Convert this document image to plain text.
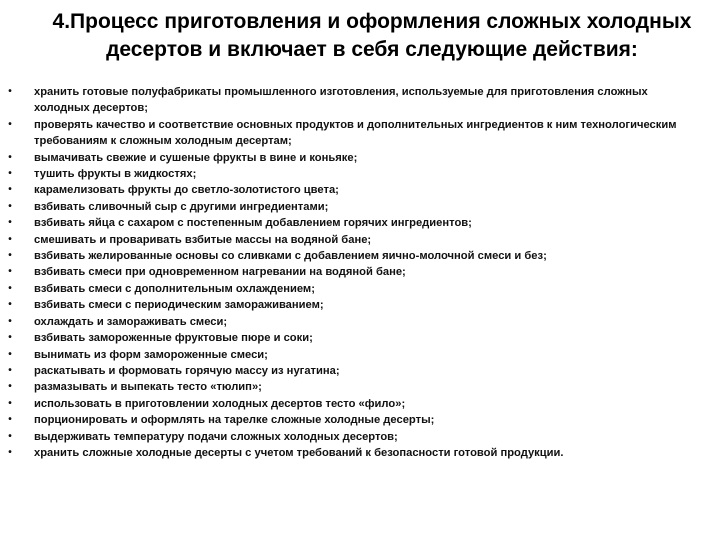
4.Процесс приготовления и оформления сложных холодных десертов и включает в себя следующие действия:
•	хранить готовые полуфабрикаты промышленного изготовления, используемые для приготовления сложных холодных десертов;
•	проверять качество и соответствие основных продуктов и дополнительных ингредиентов к ним технологическим требованиям к сложным холодным десертам;
•	вымачивать свежие и сушеные фрукты в вине и коньяке;
•	тушить фрукты в жидкостях;
•	карамелизовать фрукты до светло-золотистого цвета;
•	взбивать сливочный сыр с другими ингредиентами;
•	взбивать яйца с сахаром с постепенным добавлением горячих ингредиентов;
•	смешивать и проваривать взбитые массы на водяной бане;
•	взбивать желированные основы со сливками с добавлением яично-молочной смеси и без;
•	взбивать смеси при одновременном нагревании на водяной бане;
•	взбивать смеси с дополнительным охлаждением;
•	взбивать смеси с периодическим замораживанием;
•	охлаждать и замораживать смеси;
•	взбивать замороженные фруктовые пюре и соки;
•	вынимать из форм замороженные смеси;
•	раскатывать и формовать горячую массу из нугатина;
•	размазывать и выпекать тесто «тюлип»;
•	использовать в приготовлении холодных десертов тесто «фило»;
•	порционировать и оформлять на тарелке сложные холодные десерты;
•	выдерживать температуру подачи сложных холодных десертов;
•	хранить сложные холодные десерты с учетом требований к безопасности готовой продукции.
